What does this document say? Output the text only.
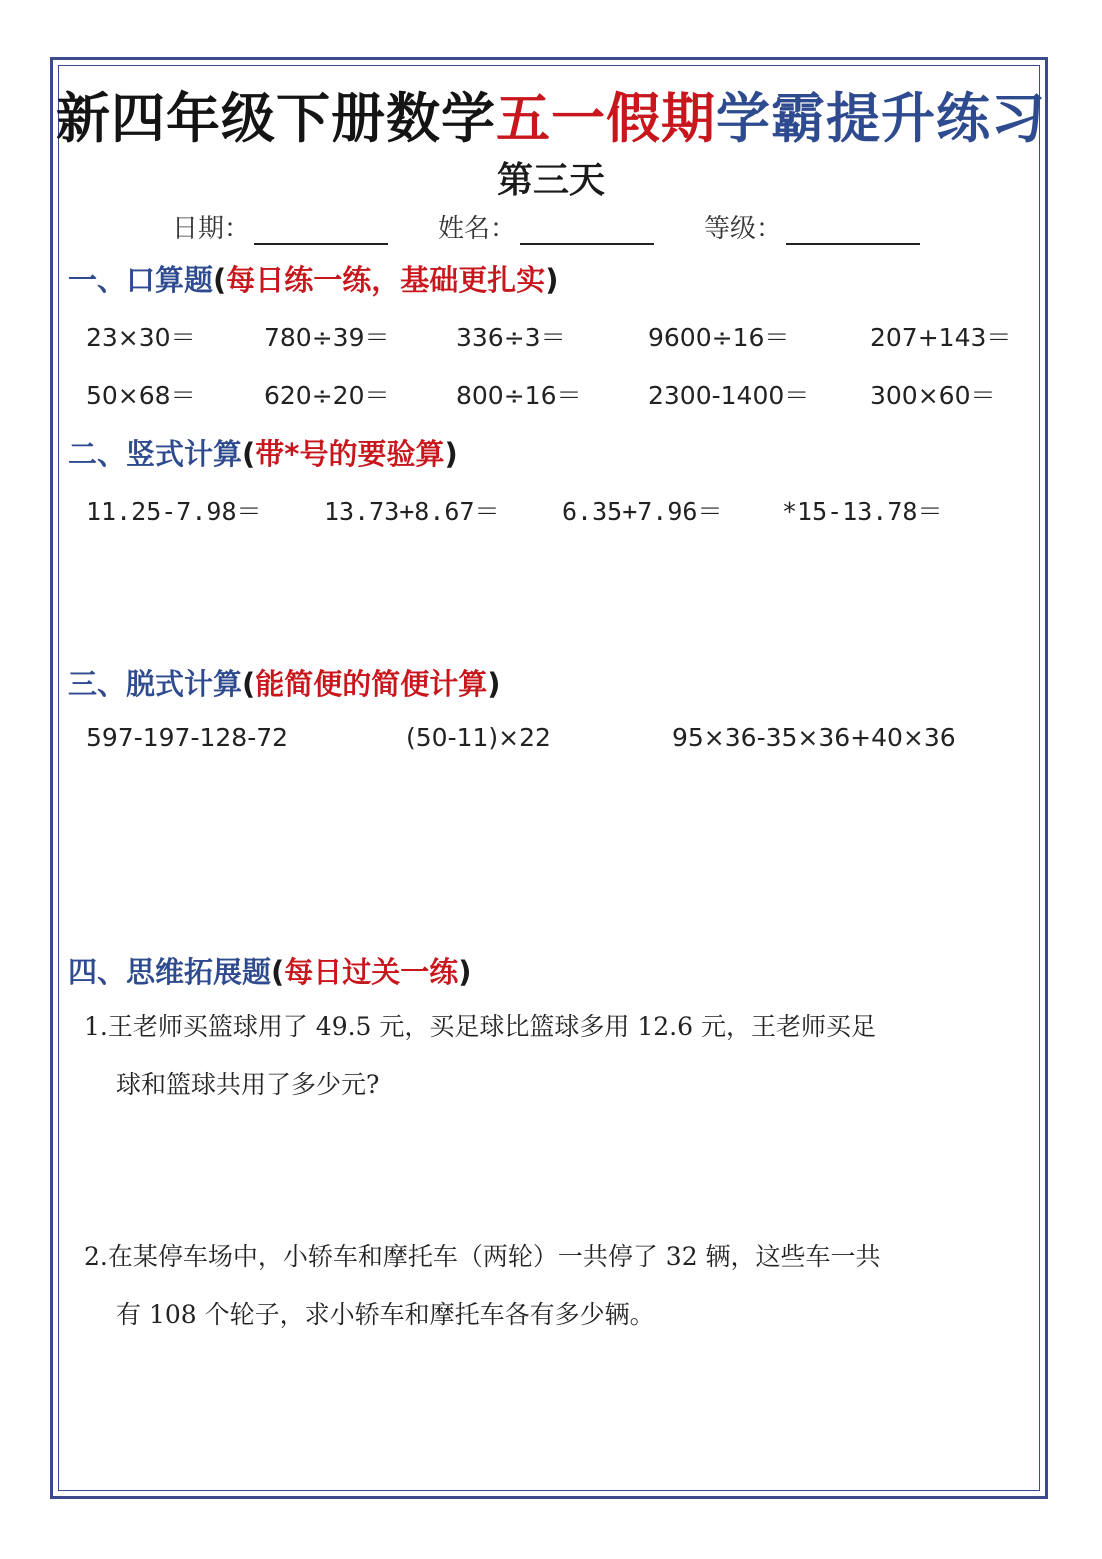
新四年级下册数学五一假期学霸提升练习
第三天
日期：	姓名：	等级：
一、口算题(每日练一练，基础更扎实)
23×30＝	780÷39＝	336÷3＝	9600÷16＝	207+143＝
50×68＝	620÷20＝	800÷16＝	2300-1400＝ 300×60＝
二、竖式计算(带*号的要验算)
11.25-7.98＝ 13.73+8.67＝ 6.35+7.96＝ *15-13.78＝
三、脱式计算(能简便的简便计算)
597-197-128-72	(50-11)×22	95×36-35×36+40×36
四、思维拓展题(每日过关一练)
1.王老师买篮球用了 49.5 元，买足球比篮球多用 12.6 元，王老师买足
球和篮球共用了多少元?
2.在某停车场中，小轿车和摩托车（两轮）一共停了 32 辆，这些车一共
有 108 个轮子，求小轿车和摩托车各有多少辆。
